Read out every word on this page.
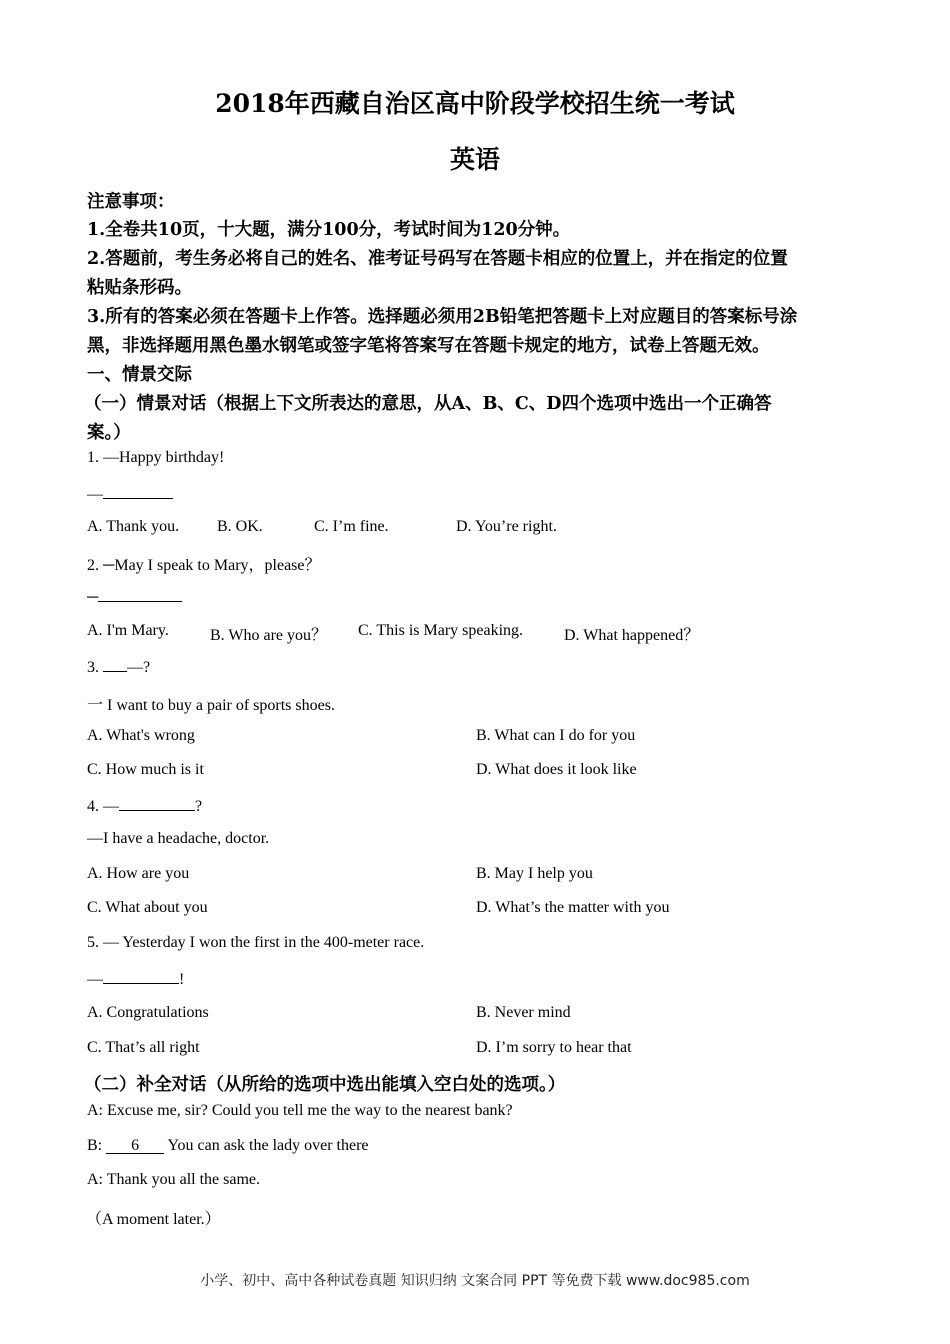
2018年西藏自治区高中阶段学校招生统一考试
英语
注意事项：
1.全卷共10页，十大题，满分100分，考试时间为120分钟。
2.答题前，考生务必将自己的姓名、准考证号码写在答题卡相应的位置上，并在指定的位置
粘贴条形码。
3.所有的答案必须在答题卡上作答。选择题必须用2B铅笔把答题卡上对应题目的答案标号涂
黑，非选择题用黑色墨水钢笔或签字笔将答案写在答题卡规定的地方，试卷上答题无效。
一、情景交际
（一）情景对话（根据上下文所表达的意思，从A、B、C、D四个选项中选出一个正确答
案。）
1. —Happy birthday!
—
A. Thank you. B. OK.	C. I’m fine.	D. You’re right.
2. ─May I speak to Mary，please？
─
A. I'm Mary.	B. Who are you？ C. This is Mary speaking.	D. What happened？
3. —?
一 I want to buy a pair of sports shoes.
A. What's wrong	B. What can I do for you
C. How much is it	D. What does it look like
4. —	?
—I have a headache, doctor.
A. How are you	B. May I help you
C. What about you	D. What’s the matter with you
5. — Yesterday I won the first in the 400-meter race.
—	!
A. Congratulations	B. Never mind
C. That’s all right	D. I’m sorry to hear that
（二）补全对话（从所给的选项中选出能填入空白处的选项。）
A: Excuse me, sir? Could you tell me the way to the nearest bank?
B: 6 You can ask the lady over there
A: Thank you all the same.
（A moment later.）
小学、初中、高中各种试卷真题 知识归纳 文案合同 PPT 等免费下载 www.doc985.com
